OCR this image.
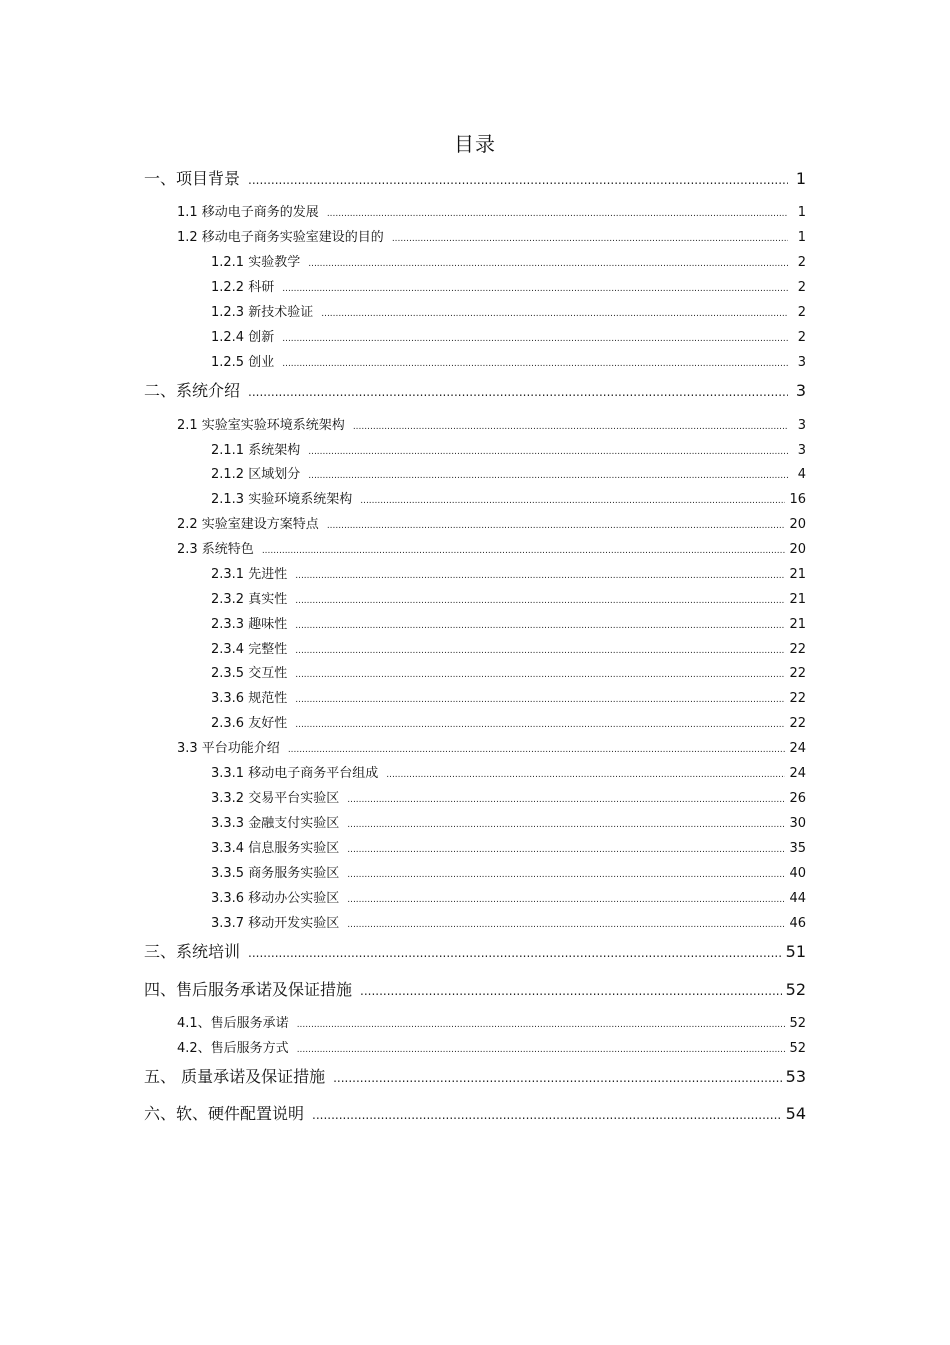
目录
一、项目背景 .....	1
1.1 移动电子商务的发展 .....	1
1.2 移动电子商务实验室建设的目的 .....	1
1.2.1 实验教学 .....	2
1.2.2 科研 .....	2
1.2.3 新技术验证 .....	2
1.2.4 创新 .....	2
1.2.5 创业 .....	3
二、系统介绍 .....	3
2.1 实验室实验环境系统架构 .....	3
2.1.1 系统架构 .....	3
2.1.2 区域划分 .....	4
2.1.3 实验环境系统架构 .....	16
2.2 实验室建设方案特点 .....	20
2.3 系统特色 .....	20
2.3.1 先进性 .....	21
2.3.2 真实性 .....	21
2.3.3 趣味性 .....	21
2.3.4 完整性 .....	22
2.3.5 交互性 .....	22
3.3.6 规范性 .....	22
2.3.6 友好性 .....	22
3.3 平台功能介绍 .....	24
3.3.1 移动电子商务平台组成 .....	24
3.3.2 交易平台实验区 .....	26
3.3.3 金融支付实验区 .....	30
3.3.4 信息服务实验区 .....	35
3.3.5 商务服务实验区 .....	40
3.3.6 移动办公实验区 .....	44
3.3.7 移动开发实验区 .....	46
三、系统培训 .....	51
四、售后服务承诺及保证措施 .....	52
4.1、售后服务承诺 .....	52
4.2、售后服务方式 .....	52
五、 质量承诺及保证措施 .....	53
六、软、硬件配置说明 .....	54
